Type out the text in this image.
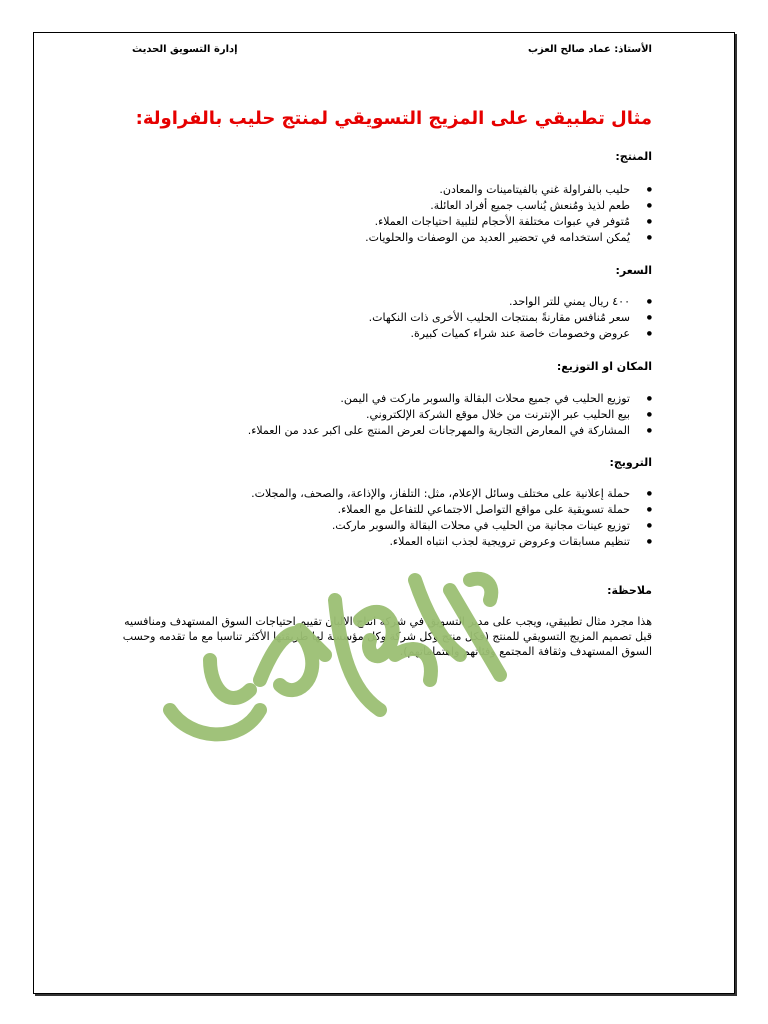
الأستاذ: عماد صالح العزب
إدارة التسويق الحديث
مثال تطبيقي على المزيج التسويقي لمنتج حليب بالفراولة:

المنتج:

● حليب بالفراولة غني بالفيتامينات والمعادن.
● طعم لذيذ ومُنعش يُناسب جميع أفراد العائلة.
● مُتوفر في عبوات مختلفة الأحجام لتلبية احتياجات العملاء.
● يُمكن استخدامه في تحضير العديد من الوصفات والحلويات.

السعر:

● ٤٠٠ ريال يمني للتر الواحد.
● سعر مُنافس مقارنةً بمنتجات الحليب الأخرى ذات النكهات.
● عروض وخصومات خاصة عند شراء كميات كبيرة.

المكان او التوزيع:

● توزيع الحليب في جميع محلات البقالة والسوبر ماركت في اليمن.
● بيع الحليب عبر الإنترنت من خلال موقع الشركة الإلكتروني.
● المشاركة في المعارض التجارية والمهرجانات لعرض المنتج على اكبر عدد من العملاء.

الترويج:

● حملة إعلانية على مختلف وسائل الإعلام، مثل: التلفاز، والإذاعة، والصحف، والمجلات.
● حملة تسويقية على مواقع التواصل الاجتماعي للتفاعل مع العملاء.
● توزيع عينات مجانية من الحليب في محلات البقالة والسوبر ماركت.
● تنظيم مسابقات وعروض ترويجية لجذب انتباه العملاء.

ملاحظة:

هذا مجرد مثال تطبيقي، ويجب على مدير التسويق في شركة انتاج الالبان تقييم احتياجات السوق المستهدف ومنافسيه قبل تصميم المزيج التسويقي للمنتج (فكل منتج وكل شركة وكل مؤسسة لها طريقتها الأكثر تناسبا مع ما تقدمه وحسب السوق المستهدف وثقافة المجتمع وفئاتهم واهتماماتهم).
